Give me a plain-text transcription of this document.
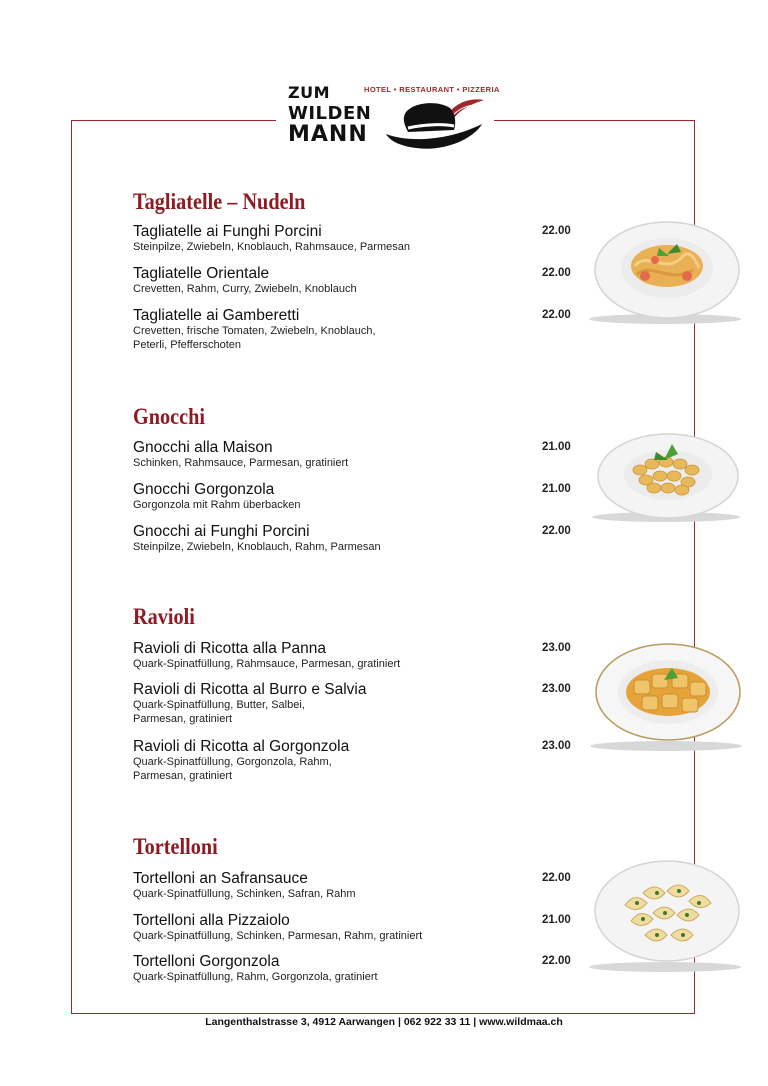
ZUM
WILDEN
MANN
HOTEL • RESTAURANT • PIZZERIA
Tagliatelle – Nudeln
Tagliatelle ai Funghi Porcini
Steinpilze, Zwiebeln, Knoblauch, Rahmsauce, Parmesan
22.00
Tagliatelle Orientale
Crevetten, Rahm, Curry, Zwiebeln, Knoblauch
22.00
Tagliatelle ai Gamberetti
Crevetten, frische Tomaten, Zwiebeln, Knoblauch,
Peterli, Pfefferschoten
22.00
Gnocchi
Gnocchi alla Maison
Schinken, Rahmsauce, Parmesan, gratiniert
21.00
Gnocchi Gorgonzola
Gorgonzola mit Rahm überbacken
21.00
Gnocchi ai Funghi Porcini
Steinpilze, Zwiebeln, Knoblauch, Rahm, Parmesan
22.00
Ravioli
Ravioli di Ricotta alla Panna
Quark-Spinatfüllung, Rahmsauce, Parmesan, gratiniert
23.00
Ravioli di Ricotta al Burro e Salvia
Quark-Spinatfüllung, Butter, Salbei,
Parmesan, gratiniert
23.00
Ravioli di Ricotta al Gorgonzola
Quark-Spinatfüllung, Gorgonzola, Rahm,
Parmesan, gratiniert
23.00
Tortelloni
Tortelloni an Safransauce
Quark-Spinatfüllung, Schinken, Safran, Rahm
22.00
Tortelloni alla Pizzaiolo
Quark-Spinatfüllung, Schinken, Parmesan, Rahm, gratiniert
21.00
Tortelloni Gorgonzola
Quark-Spinatfüllung, Rahm, Gorgonzola, gratiniert
22.00
Langenthalstrasse 3, 4912 Aarwangen | 062 922 33 11 | www.wildmaa.ch
